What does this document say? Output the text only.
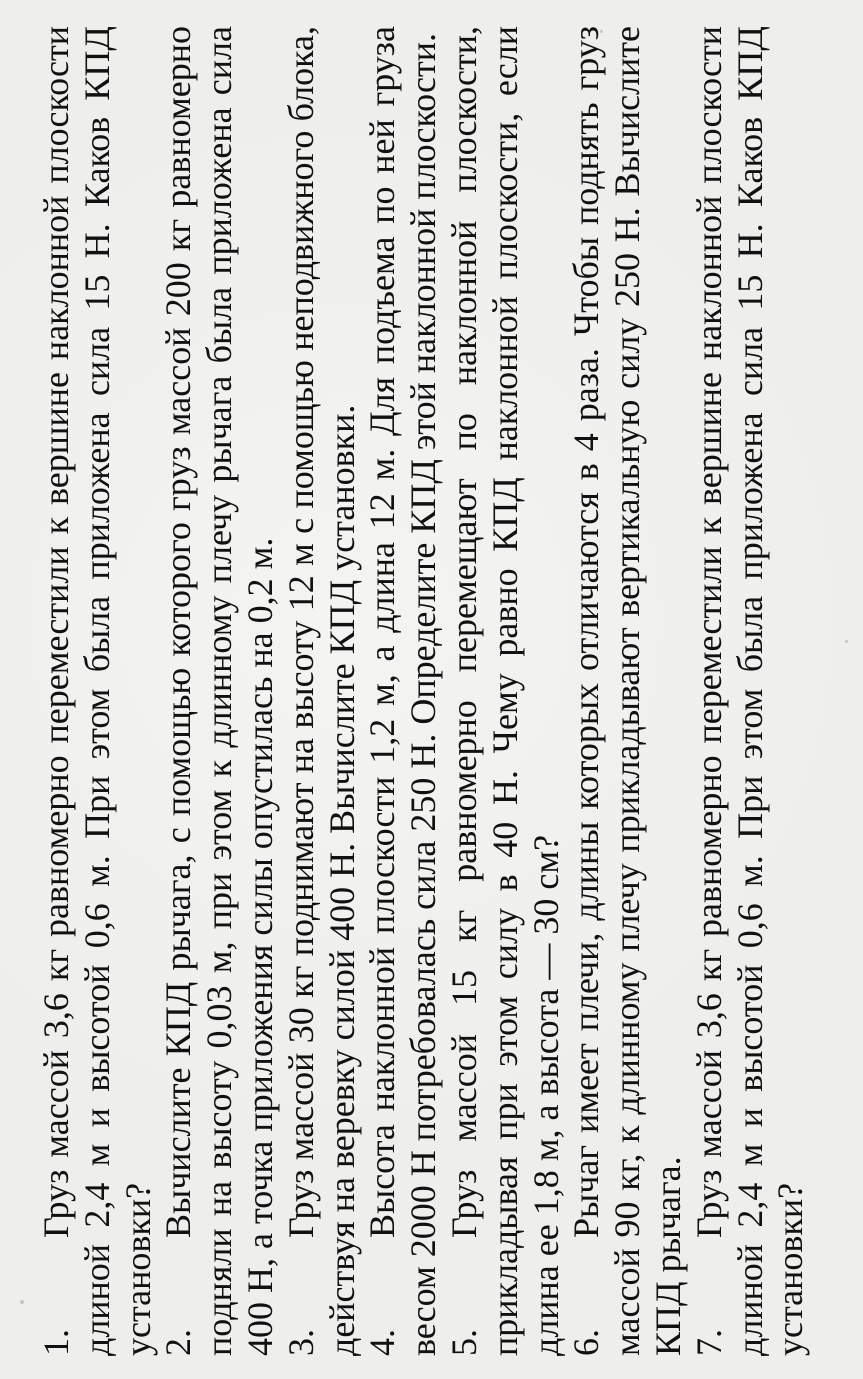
1.Груз массой 3,6 кг равномерно переместили к вершине наклонной плоскости длиной 2,4 м и высотой 0,6 м. При этом была приложена сила 15 Н. Каков КПД установки? 2.Вычислите КПД рычага, с помощью которого груз массой 200 кг равномерно подняли на высоту 0,03 м, при этом к длинному плечу рычага была приложена сила 400 Н, а точка приложения силы опустилась на 0,2 м. 3.Груз массой 30 кг поднимают на высоту 12 м с помощью неподвижного блока, действуя на веревку силой 400 Н. Вычислите КПД установки. 4.Высота наклонной плоскости 1,2 м, а длина 12 м. Для подъема по ней груза весом 2000 Н потребовалась сила 250 Н. Определите КПД этой наклонной плоскости. 5.Груз массой 15 кг равномерно перемещают по наклонной плоскости, прикладывая при этом силу в 40 Н. Чему равно КПД наклонной плоскости, если длина ее 1,8 м, а высота — 30 см? 6.Рычаг имеет плечи, длины которых отличаются в 4 раза. Чтобы поднять груз массой 90 кг, к длинному плечу прикладывают вертикальную силу 250 Н. Вычислите КПД рычага. 7.Груз массой 3,6 кг равномерно переместили к вершине наклонной плоскости длиной 2,4 м и высотой 0,6 м. При этом была приложена сила 15 Н. Каков КПД установки?
